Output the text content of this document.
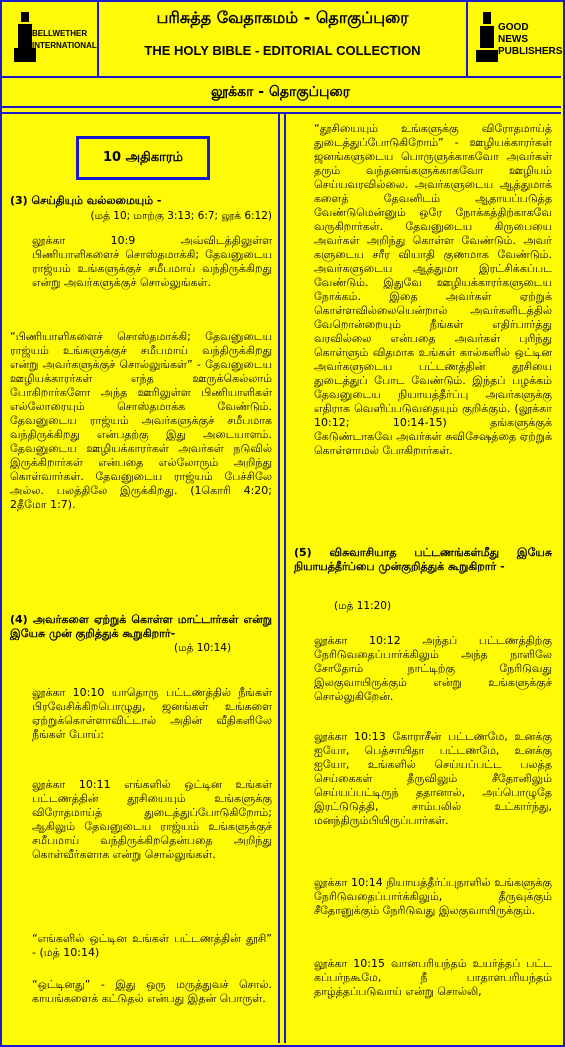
BELLWETHER INTERNATIONAL
பரிசுத்த வேதாகமம் - தொகுப்புரை
THE HOLY BIBLE - EDITORIAL COLLECTION
GOOD NEWS PUBLISHERS
லூக்கா - தொகுப்புரை
10 அதிகாரம்
(3) செய்தியும் வல்லமையும் -
(மத் 10; மாற்கு 3:13; 6:7; லூக் 6:12)
லூக்கா 10:9 அவ்விடத்திலுள்ள பிணியாளிகளைச் சொஸ்தமாக்கி; தேவனுடைய ராஜ்யம் உங்களுக்குச் சமீபமாய் வந்திருக்கிறது என்று அவர்களுக்குச் சொல்லுங்கள்.
“பிணியாளிகளைச் சொஸ்தமாக்கி; தேவனுடைய ராஜ்யம் உங்களுக்குச் சமீபமாய் வந்திருக்கிறது என்று அவர்களுக்குச் சொல்லுங்கள்” - தேவனுடைய ஊழியக்காரர்கள் எந்த ஊருக்கெல்லாம் போகிறார்களோ அந்த ஊரிலுள்ள பிணியாளிகள் எல்லோரையும் சொஸ்தமாக்க வேண்டும். தேவனுடைய ராஜ்யம் அவர்களுக்குச் சமீபமாக வந்திருக்கிறது என்பதற்கு இது அடையாளம். தேவனுடைய ஊழியக்காரர்கள் அவர்கள் நடுவில் இருக்கிறார்கள் என்பதை எல்லோரும் அறிந்து கொள்வார்கள். தேவனுடைய ராஜ்யம் பேச்சிலே அல்ல. பலத்திலே இருக்கிறது. (1கொரி 4:20; 2தீமோ 1:7).
(4) அவர்களை ஏற்றுக் கொள்ள மாட்டார்கள் என்று இயேசு முன் குறித்துக் கூறுகிறார்-
(மத் 10:14)
லூக்கா 10:10 யாதொரு பட்டணத்தில் நீங்கள் பிரவேசிக்கிறபொழுது, ஜனங்கள் உங்களை ஏற்றுக்கொள்ளாவிட்டால் அதின் வீதிகளிலே நீங்கள் போய்:
லூக்கா 10:11 எங்களில் ஒட்டின உங்கள் பட்டணத்தின் தூசியையும் உங்களுக்கு விரோதமாய்த் துடைத்துப்போடுகிறோம்; ஆகிலும் தேவனுடைய ராஜ்யம் உங்களுக்குச் சமீபமாய் வந்திருக்கிறதென்பதை அறிந்து கொள்வீர்களாக என்று சொல்லுங்கள்.
“எங்களில் ஒட்டின உங்கள் பட்டணத்தின் தூசி” - (மத் 10:14)
“ஒட்டினது” - இது ஒரு மருத்துவச் சொல். காயங்களைக் கட்டுதல் என்பது இதன் பொருள்.
“தூசியையும் உங்களுக்கு விரோதமாய்த் துடைத்துப்போடுகிறோம்” - ஊழியக்காரர்கள் ஜனங்களுடைய பொருளுக்காகவோ அவர்கள் தரும் வந்தனங்களுக்காகவோ ஊழியம் செய்யவரவில்லை. அவர்களுடைய ஆத்துமாக் களைத் தேவனிடம் ஆதாயப்படுத்த வேண்டுமென்னும் ஒரே நோக்கத்திற்காகவே வருகிறார்கள். தேவனுடைய கிருபையை அவர்கள் அறிந்து கொள்ள வேண்டும். அவர் களுடைய சரீர வியாதி குணமாக வேண்டும். அவர்களுடைய ஆத்துமா இரட்சிக்கப்பட வேண்டும். இதுவே ஊழியக்காரர்களுடைய நோக்கம். இதை அவர்கள் ஏற்றுக் கொள்ளவில்லையென்றால் அவர்களிடத்தில் வேறொன்றையும் நீங்கள் எதிர்பார்த்து வரவில்லை என்பதை அவர்கள் புரிந்து கொள்ளும் விதமாக உங்கள் கால்களில் ஒட்டின அவர்களுடைய பட்டணத்தின் தூசியை துடைத்துப் போட வேண்டும். இந்தப் பழக்கம் தேவனுடைய நியாயத்தீர்ப்பு அவர்களுக்கு எதிராக வெளிப்படுவதையும் குறிக்கும். (லூக்கா 10:12; 10:14-15) தங்களுக்குக் கேடுண்டாகவே அவர்கள் சுவிசேஷத்தை ஏற்றுக் கொள்ளாமல் போகிறார்கள்.
(5) விசுவாசியாத பட்டணங்கள்மீது இயேசு நியாயத்தீர்ப்பை முன்குறித்துக் கூறுகிறார் -
(மத் 11:20)
லூக்கா 10:12 அந்தப் பட்டணத்திற்கு நேரிடுவதைப்பார்க்கிலும் அந்த நாளிலே சோதோம் நாட்டிற்கு நேரிடுவது இலகுவாயிருக்கும் என்று உங்களுக்குச் சொல்லுகிறேன்.
லூக்கா 10:13 கோராசீன் பட்டணமே, உனக்கு ஐயோ, பெத்சாயிதா பட்டணமே, உனக்கு ஐயோ, உங்களில் செய்யப்பட்ட பலத்த செய்கைகள் தீருவிலும் சீதோனிலும் செய்யப்பட்டிருந் ததானால், அப்பொழுதே இரட்டுடுத்தி, சாம்பலில் உட்கார்ந்து, மனந்திரும்பியிருப்பார்கள்.
லூக்கா 10:14 நியாயத்தீர்ப்புநாளில் உங்களுக்கு நேரிடுவதைப்பார்க்கிலும், தீருவுக்கும் சீதோனுக்கும் நேரிடுவது இலகுவாயிருக்கும்.
லூக்கா 10:15 வானபரியந்தம் உயர்த்தப் பட்ட கப்பர்நகூமே, நீ பாதாளபரியந்தம் தாழ்த்தப்படுவாய் என்று சொல்லி,
